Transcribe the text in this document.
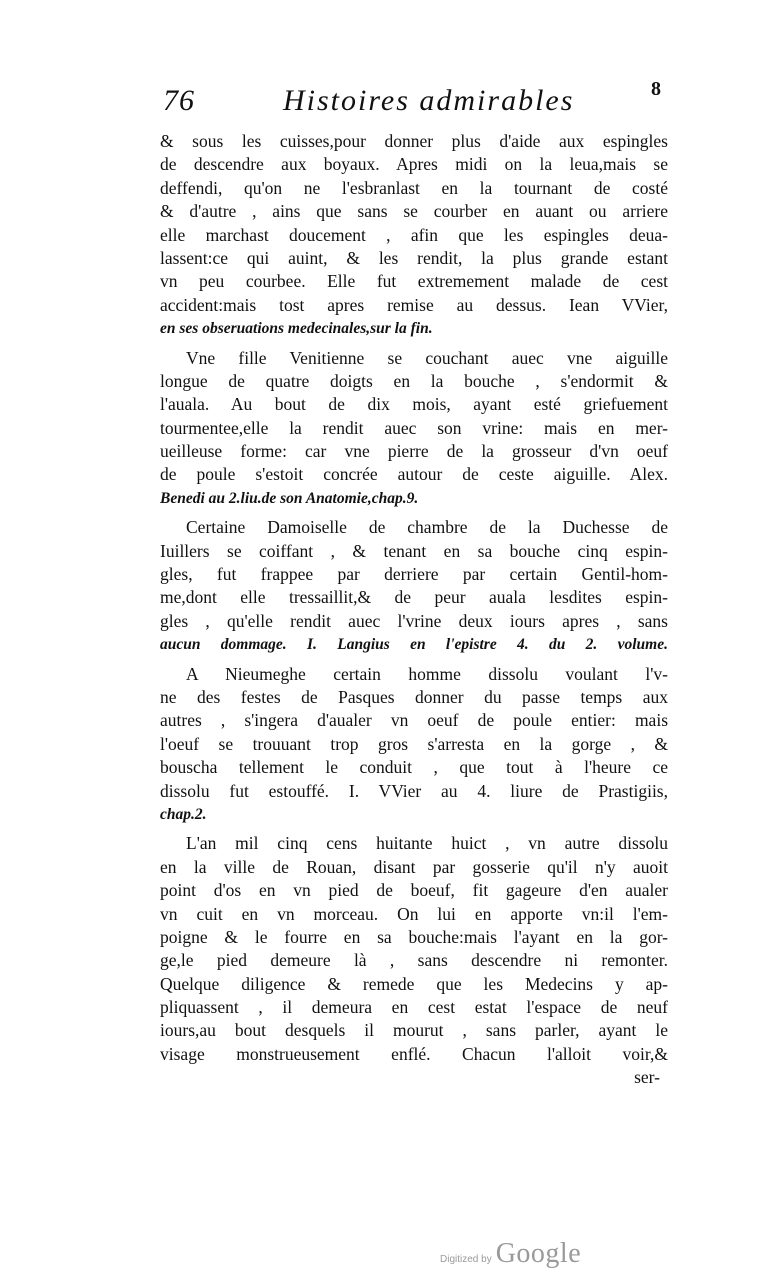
76	Histoires admirables	8
& sous les cuisses,pour donner plus d'aide aux espingles
de descendre aux boyaux. Apres midi on la leua,mais se
deffendi, qu'on ne l'esbranlast en la tournant de costé
& d'autre , ains que sans se courber en auant ou arriere
elle marchast doucement , afin que les espingles deua-
lassent:ce qui auint, & les rendit, la plus grande estant
vn peu courbee. Elle fut extremement malade de cest
accident:mais tost apres remise au dessus. Iean VVier,
en ses obseruations medecinales,sur la fin.
Vne fille Venitienne se couchant auec vne aiguille
longue de quatre doigts en la bouche , s'endormit &
l'auala. Au bout de dix mois, ayant esté griefuement
tourmentee,elle la rendit auec son vrine: mais en mer-
ueilleuse forme: car vne pierre de la grosseur d'vn oeuf
de poule s'estoit concrée autour de ceste aiguille. Alex.
Benedi au 2.liu.de son Anatomie,chap.9.
Certaine Damoiselle de chambre de la Duchesse de
Iuillers se coiffant , & tenant en sa bouche cinq espin-
gles, fut frappee par derriere par certain Gentil-hom-
me,dont elle tressaillit,& de peur auala lesdites espin-
gles , qu'elle rendit auec l'vrine deux iours apres , sans
aucun dommage. I. Langius en l'epistre 4. du 2. volume.
A Nieumeghe certain homme dissolu voulant l'v-
ne des festes de Pasques donner du passe temps aux
autres , s'ingera d'aualer vn oeuf de poule entier: mais
l'oeuf se trouuant trop gros s'arresta en la gorge , &
bouscha tellement le conduit , que tout à l'heure ce
dissolu fut estouffé. I. VVier au 4. liure de Prastigiis,
chap.2.
L'an mil cinq cens huitante huict , vn autre dissolu
en la ville de Rouan, disant par gosserie qu'il n'y auoit
point d'os en vn pied de boeuf, fit gageure d'en aualer
vn cuit en vn morceau. On lui en apporte vn:il l'em-
poigne & le fourre en sa bouche:mais l'ayant en la gor-
ge,le pied demeure là , sans descendre ni remonter.
Quelque diligence & remede que les Medecins y ap-
pliquassent , il demeura en cest estat l'espace de neuf
iours,au bout desquels il mourut , sans parler, ayant le
visage monstrueusement enflé. Chacun l'alloit voir,&
ser-
Digitized by Google
